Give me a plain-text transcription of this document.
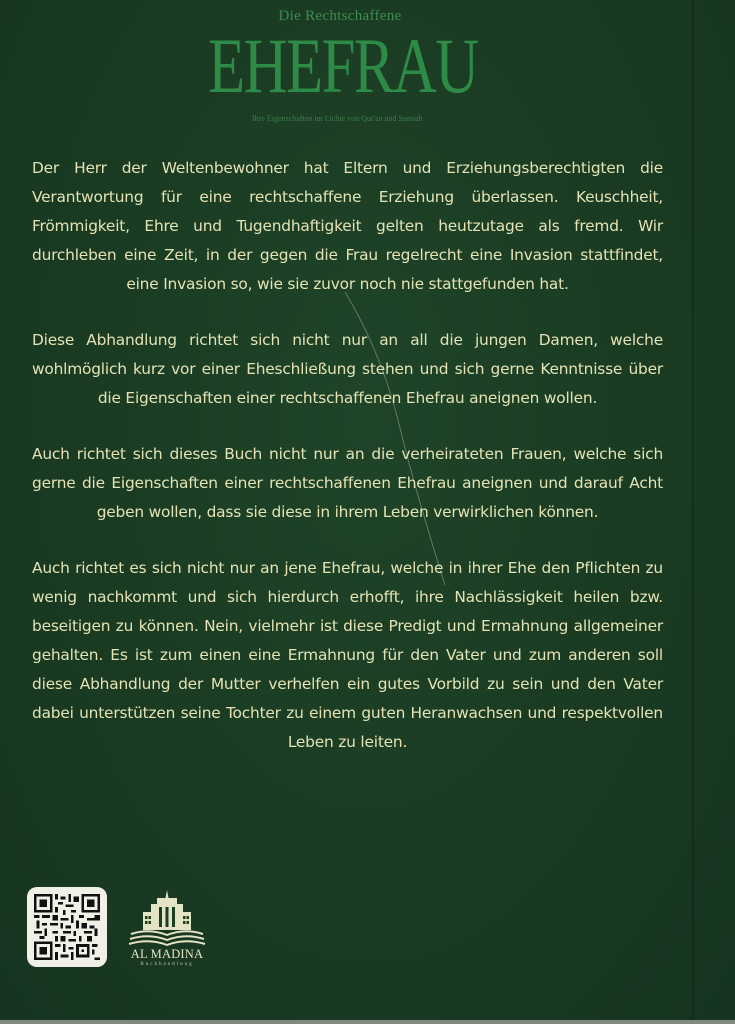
Die Rechtschaffene
EHEFRAU
Ihre Eigenschaften im Lichte von Qur'an und Sunnah

Der Herr der Weltenbewohner hat Eltern und Erziehungsberechtigten die Verantwortung für eine rechtschaffene Erziehung überlassen. Keuschheit, Frömmigkeit, Ehre und Tugendhaftigkeit gelten heutzutage als fremd. Wir durchleben eine Zeit, in der gegen die Frau regelrecht eine Invasion stattfindet, eine Invasion so, wie sie zuvor noch nie stattgefunden hat.

Diese Abhandlung richtet sich nicht nur an all die jungen Damen, welche wohlmöglich kurz vor einer Eheschließung stehen und sich gerne Kenntnisse über die Eigenschaften einer rechtschaffenen Ehefrau aneignen wollen.

Auch richtet sich dieses Buch nicht nur an die verheirateten Frauen, welche sich gerne die Eigenschaften einer rechtschaffenen Ehefrau aneignen und darauf Acht geben wollen, dass sie diese in ihrem Leben verwirklichen können.

Auch richtet es sich nicht nur an jene Ehefrau, welche in ihrer Ehe den Pflichten zu wenig nachkommt und sich hierdurch erhofft, ihre Nachlässigkeit heilen bzw. beseitigen zu können. Nein, vielmehr ist diese Predigt und Ermahnung allgemeiner gehalten. Es ist zum einen eine Ermahnung für den Vater und zum anderen soll diese Abhandlung der Mutter verhelfen ein gutes Vorbild zu sein und den Vater dabei unterstützen seine Tochter zu einem guten Heranwachsen und respektvollen Leben zu leiten.

AL MADINA
Buchhandlung
